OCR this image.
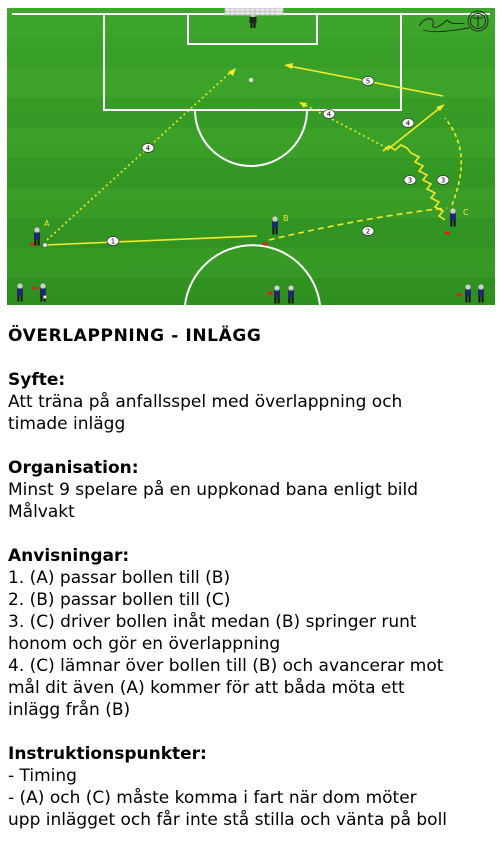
1
2
3	3
4
4
4
5
A
B
C
ÖVERLAPPNING - INLÄGG
Syfte:
Att träna på anfallsspel med överlappning och
timade inlägg
Organisation:
Minst 9 spelare på en uppkonad bana enligt bild
Målvakt
Anvisningar:
1. (A) passar bollen till (B)
2. (B) passar bollen till (C)
3. (C) driver bollen inåt medan (B) springer runt
honom och gör en överlappning
4. (C) lämnar över bollen till (B) och avancerar mot
mål dit även (A) kommer för att båda möta ett
inlägg från (B)
Instruktionspunkter:
- Timing
- (A) och (C) måste komma i fart när dom möter
upp inlägget och får inte stå stilla och vänta på boll
